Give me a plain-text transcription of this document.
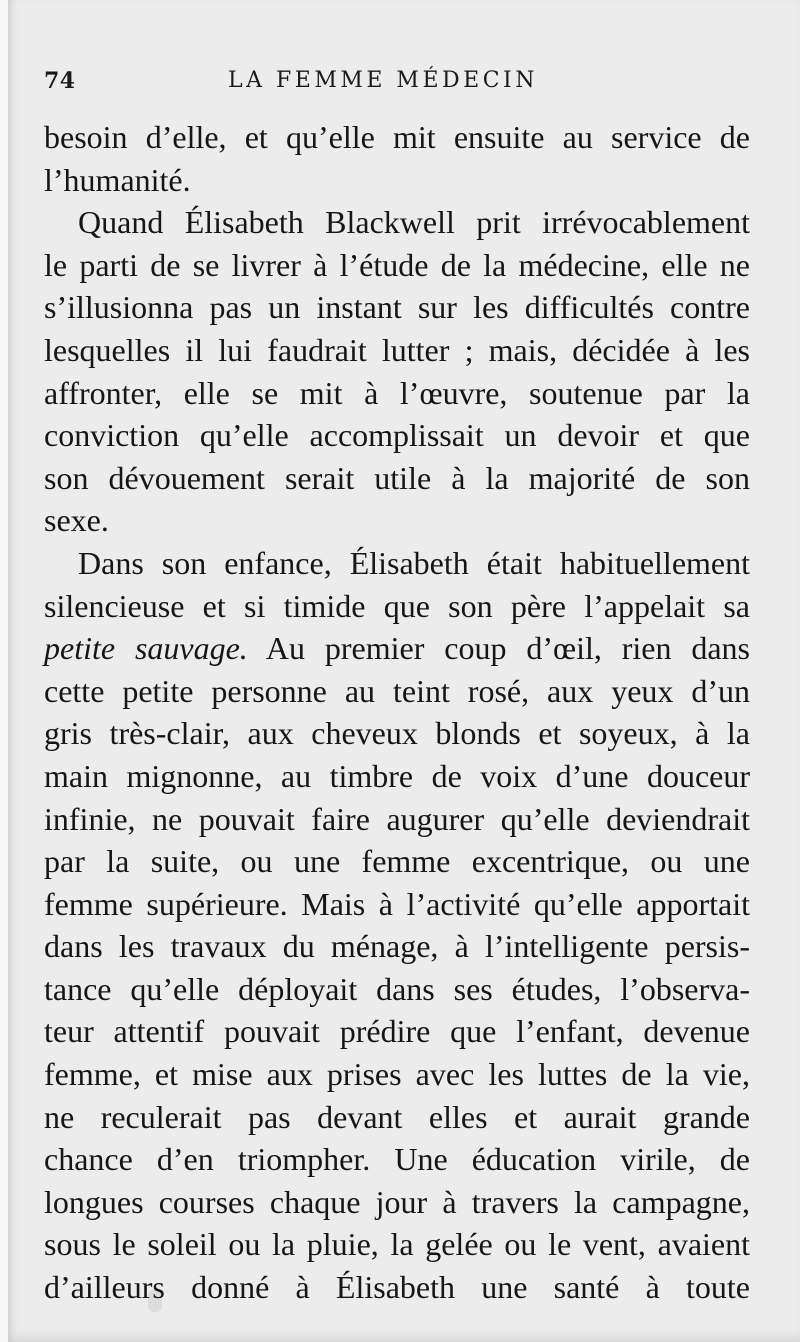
74	LA FEMME MÉDECIN
besoin d’elle, et qu’elle mit ensuite au service de
l’humanité.
Quand Élisabeth Blackwell prit irrévocablement
le parti de se livrer à l’étude de la médecine, elle ne
s’illusionna pas un instant sur les difficultés contre
lesquelles il lui faudrait lutter ; mais, décidée à les
affronter, elle se mit à l’œuvre, soutenue par la
conviction qu’elle accomplissait un devoir et que
son dévouement serait utile à la majorité de son
sexe.
Dans son enfance, Élisabeth était habituellement
silencieuse et si timide que son père l’appelait sa
petite sauvage. Au premier coup d’œil, rien dans
cette petite personne au teint rosé, aux yeux d’un
gris très-clair, aux cheveux blonds et soyeux, à la
main mignonne, au timbre de voix d’une douceur
infinie, ne pouvait faire augurer qu’elle deviendrait
par la suite, ou une femme excentrique, ou une
femme supérieure. Mais à l’activité qu’elle apportait
dans les travaux du ménage, à l’intelligente persis-
tance qu’elle déployait dans ses études, l’observa-
teur attentif pouvait prédire que l’enfant, devenue
femme, et mise aux prises avec les luttes de la vie,
ne reculerait pas devant elles et aurait grande
chance d’en triompher. Une éducation virile, de
longues courses chaque jour à travers la campagne,
sous le soleil ou la pluie, la gelée ou le vent, avaient
d’ailleurs donné à Élisabeth une santé à toute
